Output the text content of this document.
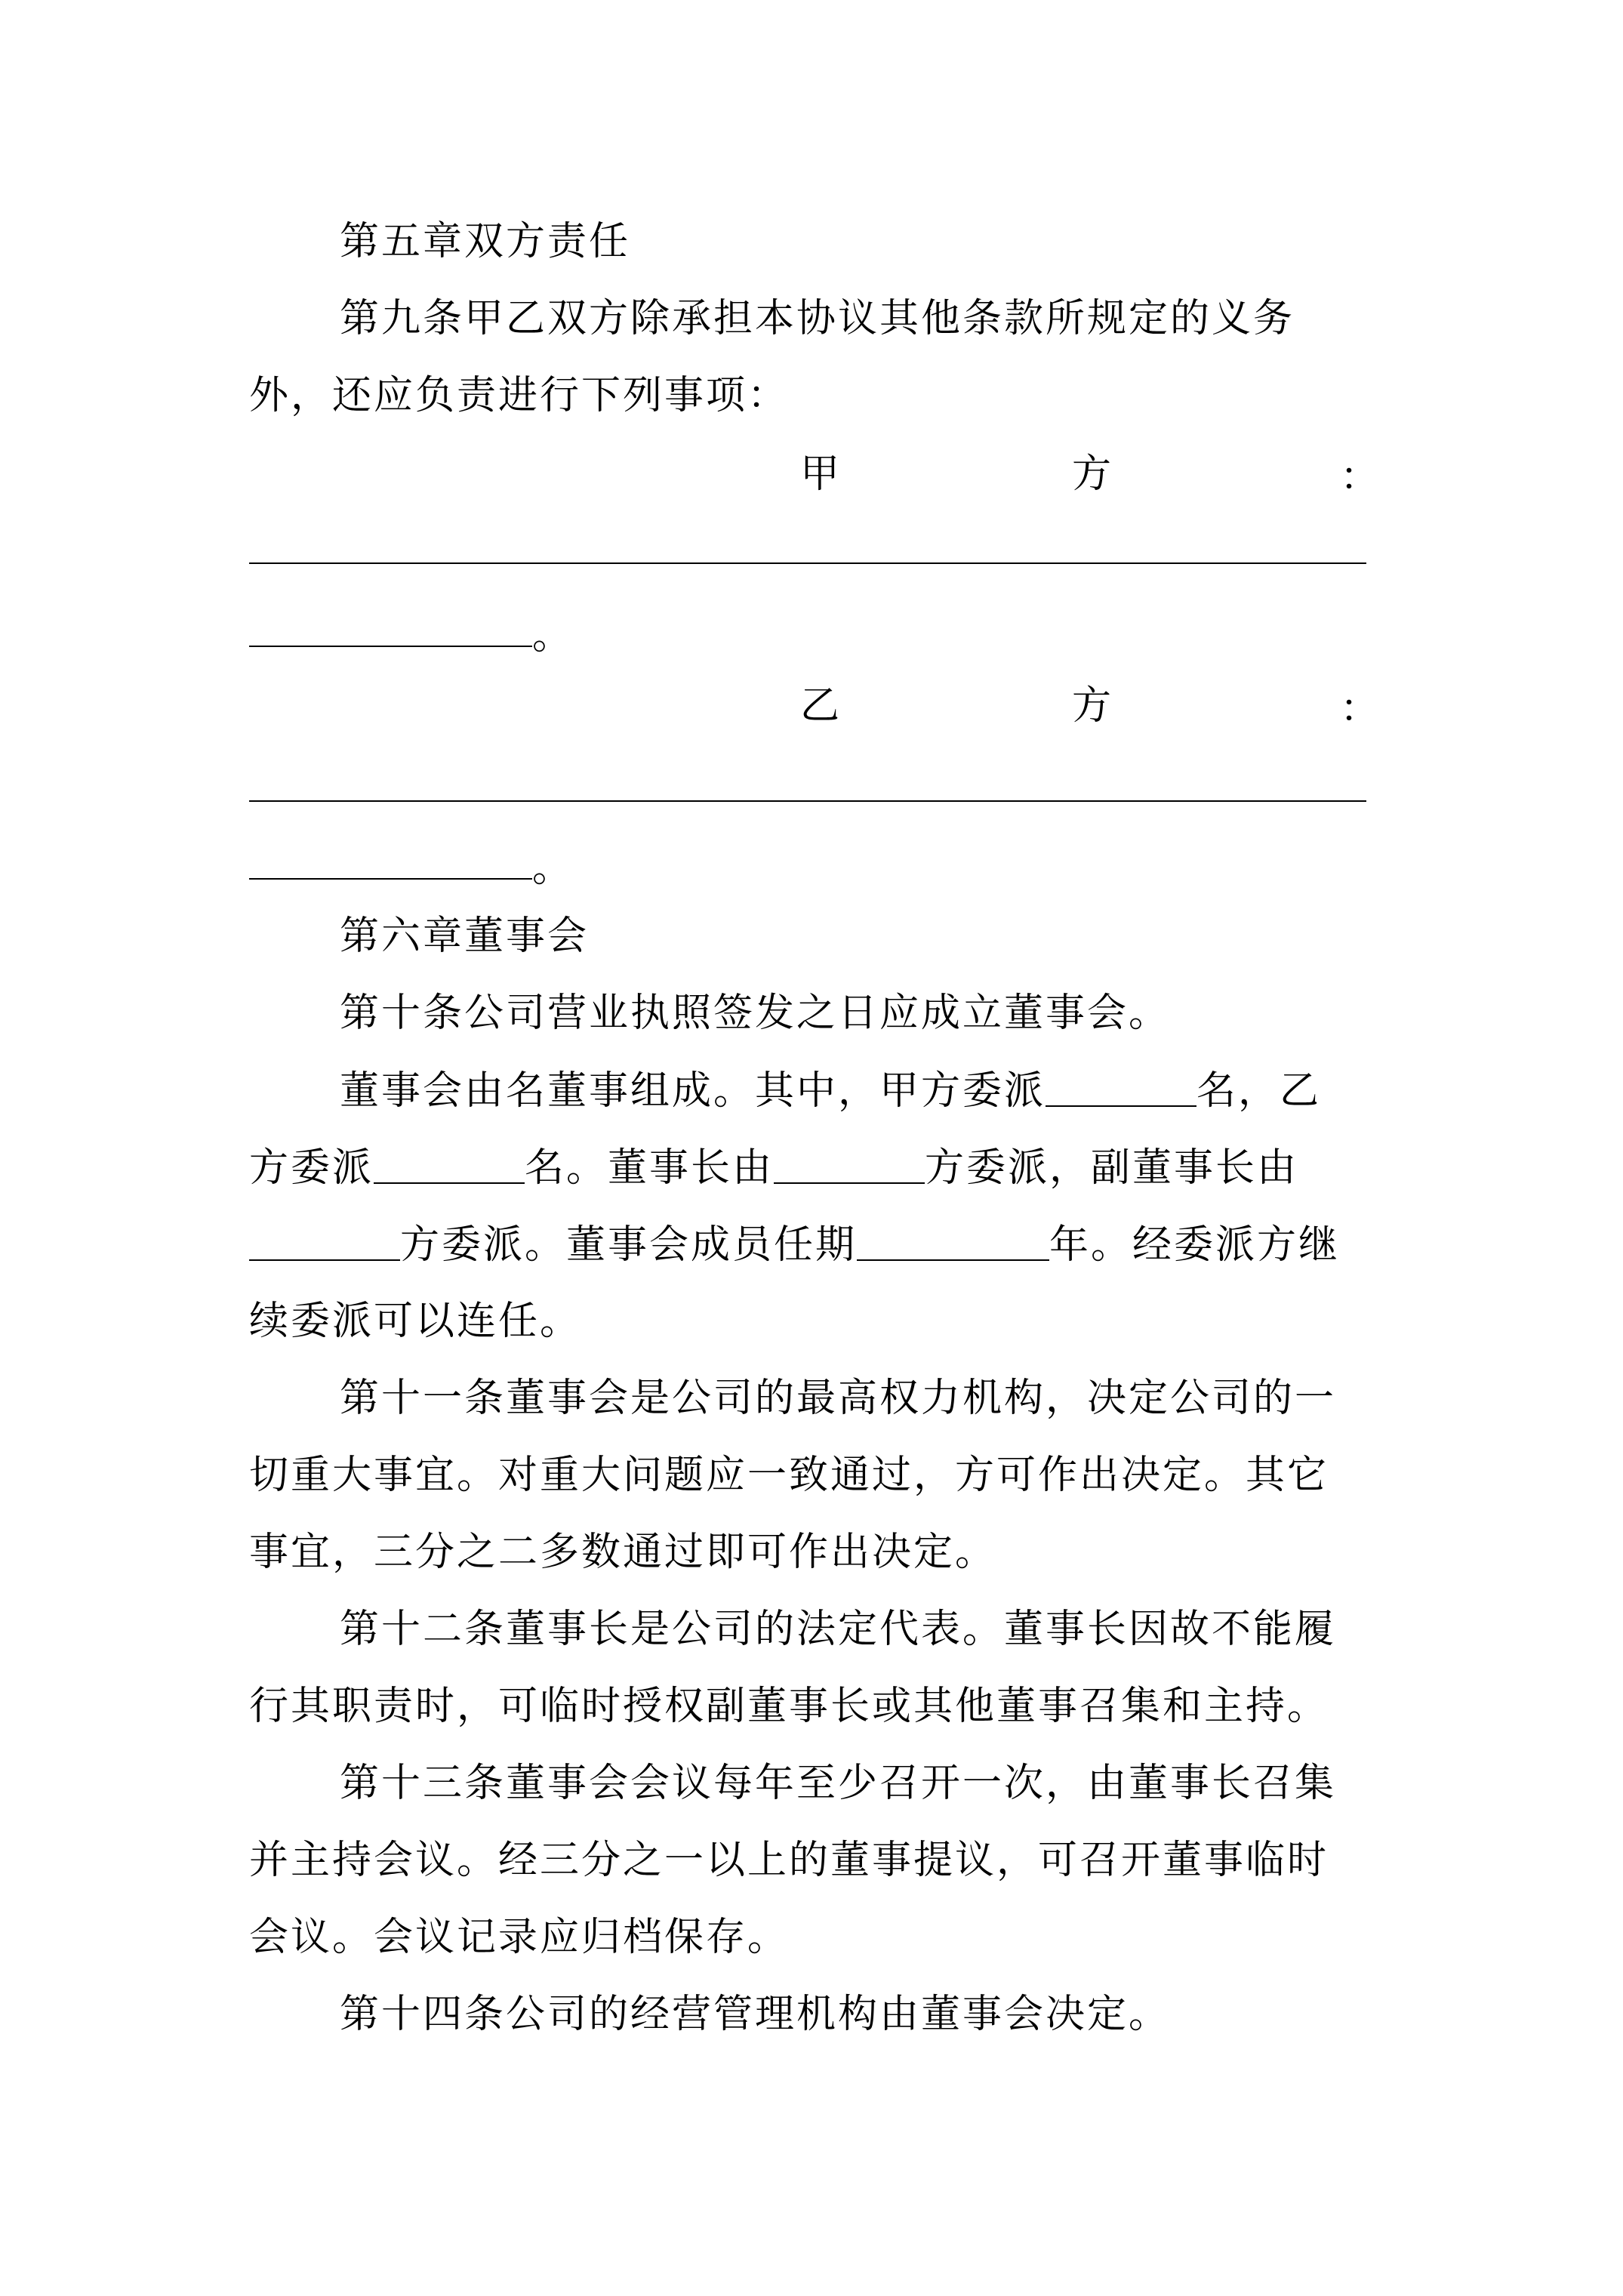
第五章双方责任
第九条甲乙双方除承担本协议其他条款所规定的义务
外，还应负责进行下列事项：
甲	方	：
。
乙	方	：
。
第六章董事会
第十条公司营业执照签发之日应成立董事会。
董事会由名董事组成。其中，甲方委派	名，乙
方委派	名。董事长由	方委派，副董事长由
方委派。董事会成员任期	年。经委派方继
续委派可以连任。
第十一条董事会是公司的最高权力机构，决定公司的一
切重大事宜。对重大问题应一致通过，方可作出决定。其它
事宜，三分之二多数通过即可作出决定。
第十二条董事长是公司的法定代表。董事长因故不能履
行其职责时，可临时授权副董事长或其他董事召集和主持。
第十三条董事会会议每年至少召开一次，由董事长召集
并主持会议。经三分之一以上的董事提议，可召开董事临时
会议。会议记录应归档保存。
第十四条公司的经营管理机构由董事会决定。
